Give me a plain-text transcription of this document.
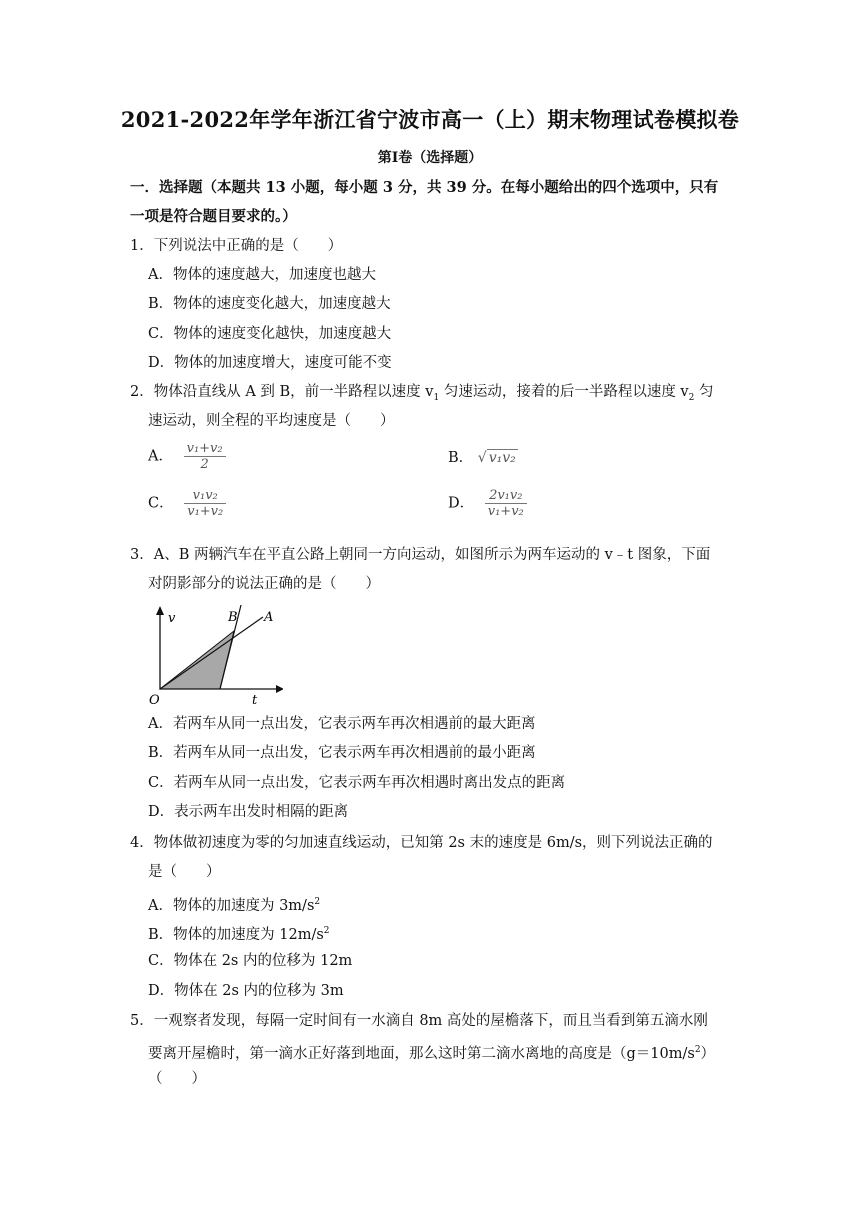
2021-2022年学年浙江省宁波市高一（上）期末物理试卷模拟卷
第Ⅰ卷（选择题）
一．选择题（本题共 13 小题，每小题 3 分，共 39 分。在每小题给出的四个选项中，只有
一项是符合题目要求的。）
1．下列说法中正确的是（　　）
A．物体的速度越大，加速度也越大
B．物体的速度变化越大，加速度越大
C．物体的速度变化越快，加速度越大
D．物体的加速度增大，速度可能不变
2．物体沿直线从 A 到 B，前一半路程以速度 $v_1$ 匀速运动，接着的后一半路程以速度 $v_2$ 匀
速运动，则全程的平均速度是（　　）
A． $\frac{\text{v₁+v₂}}{2}$	B． √ v₁v₂
C． $\frac{\text{v₁v₂}}{\text{v₁+v₂}}$	D． $\frac{\text{2v₁v₂}}{\text{v₁+v₂}}$
3．A、B 两辆汽车在平直公路上朝同一方向运动，如图所示为两车运动的 v﹣t 图象，下面
对阴影部分的说法正确的是（　　）
v
t
O
B A
A．若两车从同一点出发，它表示两车再次相遇前的最大距离
B．若两车从同一点出发，它表示两车再次相遇前的最小距离
C．若两车从同一点出发，它表示两车再次相遇时离出发点的距离
D．表示两车出发时相隔的距离
4．物体做初速度为零的匀加速直线运动，已知第 2s 末的速度是 6m/s，则下列说法正确的
是（　　）
A．物体的加速度为 $3m/s^2$
B．物体的加速度为 $12m/s^2$
C．物体在 2s 内的位移为 12m
D．物体在 2s 内的位移为 3m
5．一观察者发现，每隔一定时间有一水滴自 8m 高处的屋檐落下，而且当看到第五滴水刚
要离开屋檐时，第一滴水正好落到地面，那么这时第二滴水离地的高度是$(g=10m/s^2)$
（　　）
